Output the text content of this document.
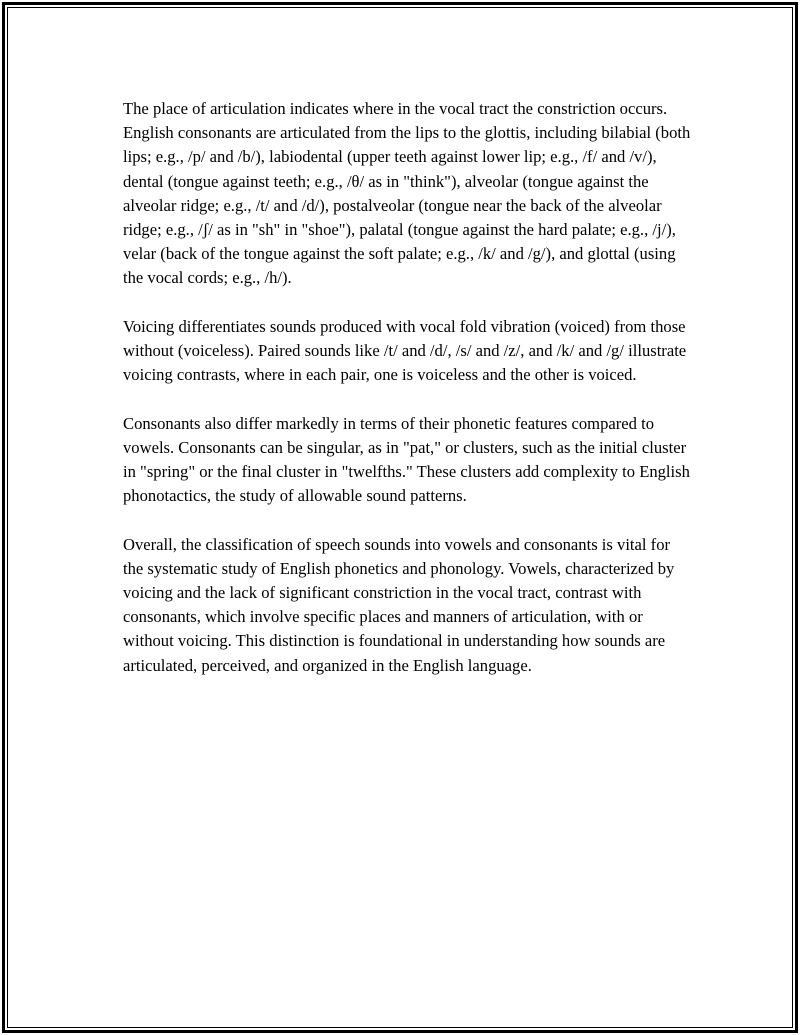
The place of articulation indicates where in the vocal tract the constriction occurs. English consonants are articulated from the lips to the glottis, including bilabial (both lips; e.g., /p/ and /b/), labiodental (upper teeth against lower lip; e.g., /f/ and /v/), dental (tongue against teeth; e.g., /θ/ as in "think"), alveolar (tongue against the alveolar ridge; e.g., /t/ and /d/), postalveolar (tongue near the back of the alveolar ridge; e.g., /ʃ/ as in "sh" in "shoe"), palatal (tongue against the hard palate; e.g., /j/), velar (back of the tongue against the soft palate; e.g., /k/ and /g/), and glottal (using the vocal cords; e.g., /h/).

Voicing differentiates sounds produced with vocal fold vibration (voiced) from those without (voiceless). Paired sounds like /t/ and /d/, /s/ and /z/, and /k/ and /g/ illustrate voicing contrasts, where in each pair, one is voiceless and the other is voiced.

Consonants also differ markedly in terms of their phonetic features compared to vowels. Consonants can be singular, as in "pat," or clusters, such as the initial cluster in "spring" or the final cluster in "twelfths." These clusters add complexity to English phonotactics, the study of allowable sound patterns.

Overall, the classification of speech sounds into vowels and consonants is vital for the systematic study of English phonetics and phonology. Vowels, characterized by voicing and the lack of significant constriction in the vocal tract, contrast with consonants, which involve specific places and manners of articulation, with or without voicing. This distinction is foundational in understanding how sounds are articulated, perceived, and organized in the English language.
